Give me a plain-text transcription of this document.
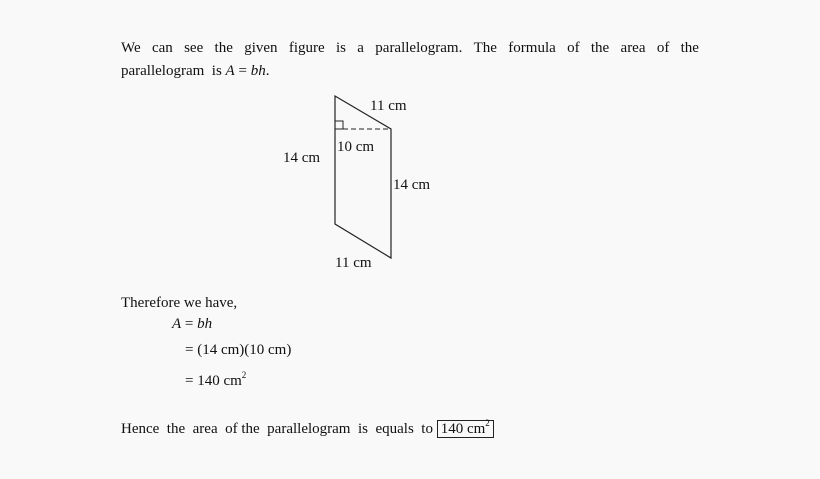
We can see the given figure is a parallelogram. The formula of the area of the
parallelogram  is A = bh.
11 cm
14 cm
10 cm
14 cm
11 cm
Therefore we have,
A = bh
= (14 cm)(10 cm)
= 140 $cm^2$
Hence  the  area  of the  parallelogram  is  equals  to 140 $cm^2$
